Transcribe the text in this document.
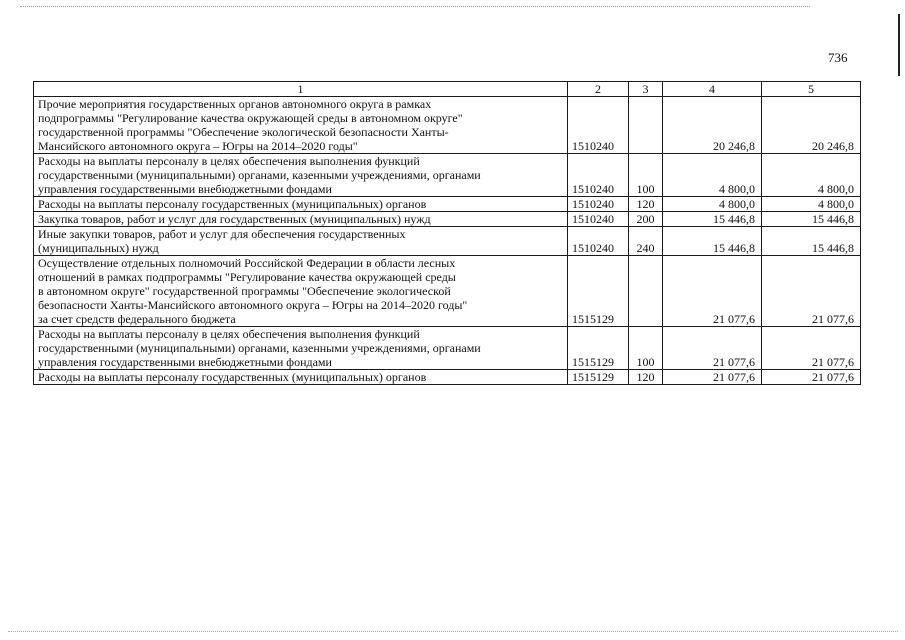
736
1	2	3	4	5
Прочие мероприятия государственных органов автономного округа в рамках
подпрограммы "Регулирование качества окружающей среды в автономном округе"
государственной программы "Обеспечение экологической безопасности Ханты-
Мансийского автономного округа – Югры на 2014–2020 годы"	1510240		20 246,8	20 246,8
Расходы на выплаты персоналу в целях обеспечения выполнения функций
государственными (муниципальными) органами, казенными учреждениями, органами
управления государственными внебюджетными фондами	1510240	100	4 800,0	4 800,0
Расходы на выплаты персоналу государственных (муниципальных) органов	1510240	120	4 800,0	4 800,0
Закупка товаров, работ и услуг для государственных (муниципальных) нужд	1510240	200	15 446,8	15 446,8
Иные закупки товаров, работ и услуг для обеспечения государственных
(муниципальных) нужд	1510240	240	15 446,8	15 446,8
Осуществление отдельных полномочий Российской Федерации в области лесных
отношений в рамках подпрограммы "Регулирование качества окружающей среды
в автономном округе" государственной программы "Обеспечение экологической
безопасности Ханты-Мансийского автономного округа – Югры на 2014–2020 годы"
за счет средств федерального бюджета	1515129		21 077,6	21 077,6
Расходы на выплаты персоналу в целях обеспечения выполнения функций
государственными (муниципальными) органами, казенными учреждениями, органами
управления государственными внебюджетными фондами	1515129	100	21 077,6	21 077,6
Расходы на выплаты персоналу государственных (муниципальных) органов	1515129	120	21 077,6	21 077,6
